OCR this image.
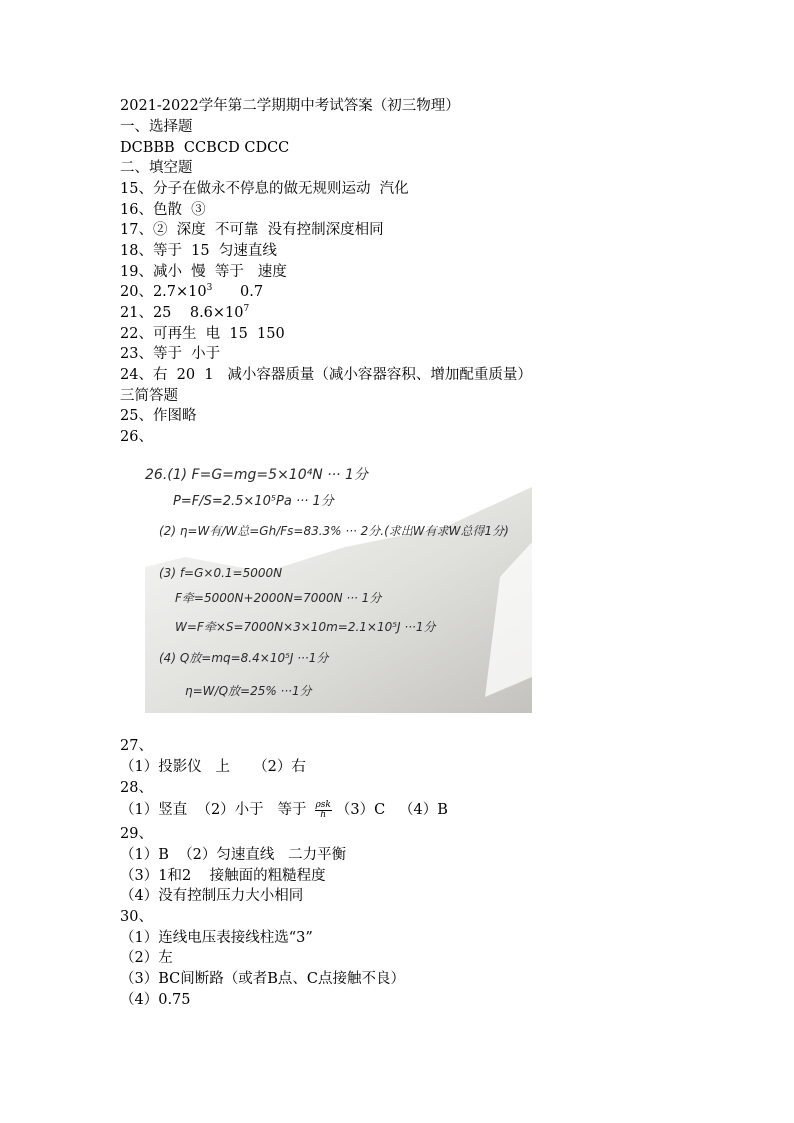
2021-2022学年第二学期期中考试答案（初三物理）
一、选择题
DCBBB  CCBCD CDCC
二、填空题
15、分子在做永不停息的做无规则运动  汽化
16、色散  ③
17、②  深度  不可靠  没有控制深度相同
18、等于  15  匀速直线
19、减小  慢  等于   速度
20、$2.7\times 10^3$      0.7
21、25    $8.6\times 10^7$
22、可再生  电  15  150
23、等于  小于
24、右  20  1   减小容器质量（减小容器容积、增加配重质量）
三简答题
25、作图略
26、
26.(1) F=G=mg=5×10⁴N ··· 1分
P=F/S=2.5×10⁵Pa ··· 1分
(2) η=W有/W总=Gh/Fs=83.3% ··· 2分.(求出W有求W总得1分)
(3) f=G×0.1=5000N
F牵=5000N+2000N=7000N ··· 1分
W=F牵×S=7000N×3×10m=2.1×10⁵J ···1分
(4) Q放=mq=8.4×10⁵J ···1分
η=W/Q放=25% ···1分
27、
（1）投影仪   上     （2）右
28、
（1）竖直  （2）小于   等于 $\frac{\text{ρsk}}{h} (3)C$   （4）B
29、
（1）B  （2）匀速直线   二力平衡
（3）1和2    接触面的粗糙程度
（4）没有控制压力大小相同
30、
（1）连线电压表接线柱选“3”
（2）左
（3）BC间断路（或者B点、C点接触不良）
（4）0.75
